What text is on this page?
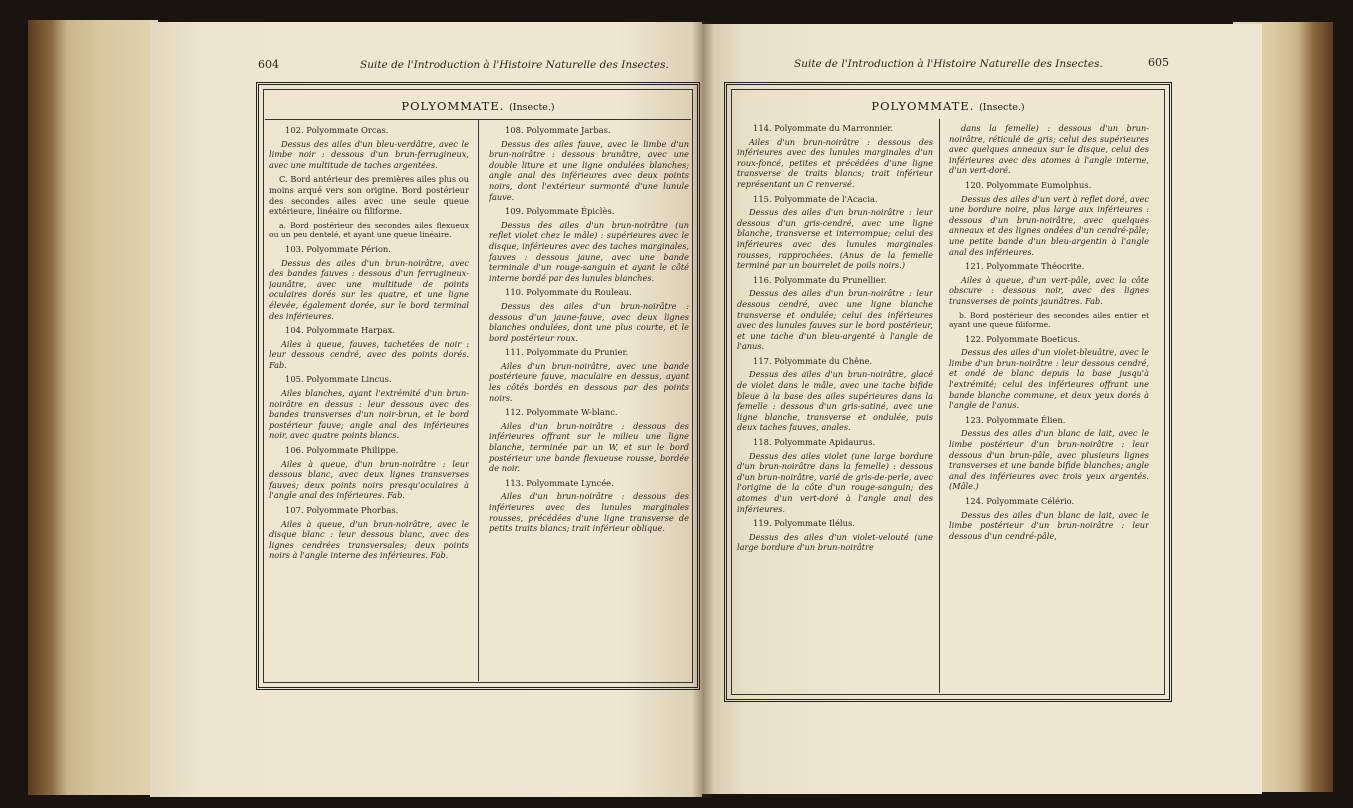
604	Suite de l'Introduction à l'Histoire Naturelle des Insectes.
POLYOMMATE. (Insecte.)

102. Polyommate Orcas.

Dessus des ailes d'un bleu-verdâtre, avec le limbe noir : dessous d'un brun-ferrugineux, avec une multitude de taches argentées.

C. Bord antérieur des premières ailes plus ou moins arqué vers son origine. Bord postérieur des secondes ailes avec une seule queue extérieure, linéaire ou filiforme.

a. Bord postérieur des secondes ailes flexueux ou un peu dentelé, et ayant une queue linéaire.

103. Polyommate Périon.

Dessus des ailes d'un brun-noirâtre, avec des bandes fauves : dessous d'un ferrugineux-jaunâtre, avec une multitude de points oculaires dorés sur les quatre, et une ligne élevée, également dorée, sur le bord terminal des inférieures.

104. Polyommate Harpax.

Ailes à queue, fauves, tachetées de noir : leur dessous cendré, avec des points dorés. Fab.

105. Polyommate Lincus.

Ailes blanches, ayant l'extrémité d'un brun-noirâtre en dessus : leur dessous avec des bandes transverses d'un noir-brun, et le bord postérieur fauve; angle anal des inférieures noir, avec quatre points blancs.

106. Polyommate Philippe.

Ailes à queue, d'un brun-noirâtre : leur dessous blanc, avec deux lignes transverses fauves; deux points noirs presqu'oculaires à l'angle anal des inférieures. Fab.

107. Polyommate Phorbas.

Ailes à queue, d'un brun-noirâtre, avec le disque blanc : leur dessous blanc, avec des lignes cendrées transversales; deux points noirs à l'angle interne des inférieures. Fab.

108. Polyommate Jarbas.

Dessus des ailes fauve, avec le limbe d'un brun-noirâtre : dessous brunâtre, avec une double liture et une ligne ondulées blanches; angle anal des inférieures avec deux points noirs, dont l'extérieur surmonté d'une lunule fauve.

109. Polyommate Épiclès.

Dessus des ailes d'un brun-noirâtre (un reflet violet chez le mâle) : supérieures avec le disque, inférieures avec des taches marginales, fauves : dessous jaune, avec une bande terminale d'un rouge-sanguin et ayant le côté interne bordé par des lunules blanches.

110. Polyommate du Rouleau.

Dessus des ailes d'un brun-noirâtre : dessous d'un jaune-fauve, avec deux lignes blanches ondulées, dont une plus courte, et le bord postérieur roux.

111. Polyommate du Prunier.

Ailes d'un brun-noirâtre, avec une bande postérieure fauve, maculaire en dessus, ayant les côtés bordés en dessous par des points noirs.

112. Polyommate W-blanc.

Ailes d'un brun-noirâtre : dessous des inférieures offrant sur le milieu une ligne blanche, terminée par un W, et sur le bord postérieur une bande flexueuse rousse, bordée de noir.

113. Polyommate Lyncée.

Ailes d'un brun-noirâtre : dessous des inférieures avec des lunules marginales rousses, précédées d'une ligne transverse de petits traits blancs; trait inférieur oblique.

Suite de l'Introduction à l'Histoire Naturelle des Insectes.	605
POLYOMMATE. (Insecte.)

114. Polyommate du Marronnier.

Ailes d'un brun-noirâtre : dessous des inférieures avec des lunules marginales d'un roux-foncé, petites et précédées d'une ligne transverse de traits blancs; trait inférieur représentant un C renversé.

115. Polyommate de l'Acacia.

Dessus des ailes d'un brun-noirâtre : leur dessous d'un gris-cendré, avec une ligne blanche, transverse et interrompue; celui des inférieures avec des lunules marginales rousses, rapprochées. (Anus de la femelle terminé par un bourrelet de poils noirs.)

116. Polyommate du Prunellier.

Dessus des ailes d'un brun-noirâtre : leur dessous cendré, avec une ligne blanche transverse et ondulée; celui des inférieures avec des lunules fauves sur le bord postérieur, et une tache d'un bleu-argenté à l'angle de l'anus.

117. Polyommate du Chêne.

Dessus des ailes d'un brun-noirâtre, glacé de violet dans le mâle, avec une tache bifide bleue à la base des ailes supérieures dans la femelle : dessous d'un gris-satiné, avec une ligne blanche, transverse et ondulée, puis deux taches fauves, anales.

118. Polyommate Apidaurus.

Dessus des ailes violet (une large bordure d'un brun-noirâtre dans la femelle) : dessous d'un brun-noirâtre, varié de gris-de-perle, avec l'origine de la côte d'un rouge-sanguin; des atomes d'un vert-doré à l'angle anal des inférieures.

119. Polyommate Ilélus.

Dessus des ailes d'un violet-velouté (une large bordure d'un brun-noirâtre

dans la femelle) : dessous d'un brun-noirâtre, réticulé de gris; celui des supérieures avec quelques anneaux sur le disque, celui des inférieures avec des atomes à l'angle interne, d'un vert-doré.

120. Polyommate Eumolphus.

Dessus des ailes d'un vert à reflet doré, avec une bordure noire, plus large aux inférieures : dessous d'un brun-noirâtre, avec quelques anneaux et des lignes ondées d'un cendré-pâle; une petite bande d'un bleu-argentin à l'angle anal des inférieures.

121. Polyommate Théocrite.

Ailes à queue, d'un vert-pâle, avec la côte obscure : dessous noir, avec des lignes transverses de points jaunâtres. Fab.

b. Bord postérieur des secondes ailes entier et ayant une queue filiforme.

122. Polyommate Boeticus.

Dessus des ailes d'un violet-bleuâtre, avec le limbe d'un brun-noirâtre : leur dessous cendré, et ondé de blanc depuis la base jusqu'à l'extrémité; celui des inférieures offrant une bande blanche commune, et deux yeux dorés à l'angle de l'anus.

123. Polyommate Élien.

Dessus des ailes d'un blanc de lait, avec le limbe postérieur d'un brun-noirâtre : leur dessous d'un brun-pâle, avec plusieurs lignes transverses et une bande bifide blanches; angle anal des inférieures avec trois yeux argentés. (Mâle.)

124. Polyommate Célério.

Dessus des ailes d'un blanc de lait, avec le limbe postérieur d'un brun-noirâtre : leur dessous d'un cendré-pâle,
